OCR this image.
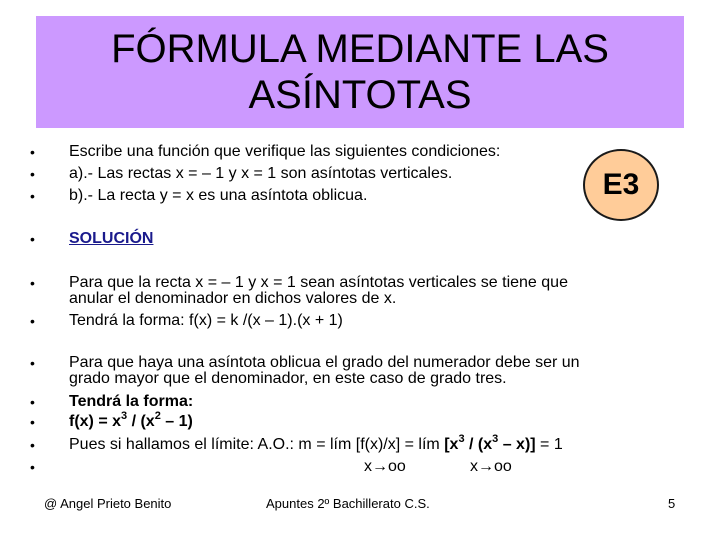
FÓRMULA MEDIANTE LAS ASÍNTOTAS
E3
• Escribe una función que verifique las siguientes condiciones:
• a).- Las rectas x = – 1 y x = 1 son asíntotas verticales.
• b).- La recta y = x es una asíntota oblicua.
• SOLUCIÓN
• Para que la recta x = – 1 y x = 1 sean asíntotas verticales se tiene que
anular el denominador en dichos valores de x.
• Tendrá la forma: f(x) = k /(x – 1).(x + 1)
• Para que haya una asíntota oblicua el grado del numerador debe ser un
grado mayor que el denominador, en este caso de grado tres.
• Tendrá la forma:
• $f(x) = x^3 / (x^2 - 1)$
• Pues si hallamos el límite: A.O.: m = lím [f(x)/x] = lím $[x^3 / (x^3 - x)] = 1$
•	x→oo	x→oo
@ Angel Prieto Benito	Apuntes 2º Bachillerato C.S.	5
